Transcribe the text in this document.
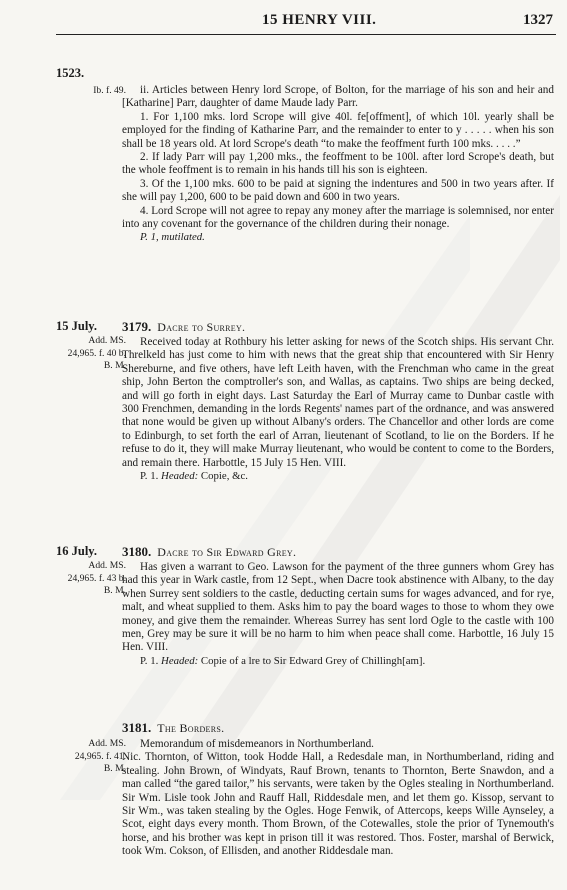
15 HENRY VIII.	1327
1523.
Ib. f. 49.	ii. Articles between Henry lord Scrope, of Bolton, for the marriage of his son and heir and [Katharine] Parr, daughter of dame Maude lady Parr.

1. For 1,100 mks. lord Scrope will give 40l. fe[offment], of which 10l. yearly shall be employed for the finding of Katharine Parr, and the remainder to enter to y . . . . . when his son shall be 18 years old. At lord Scrope's death “to make the feoffment furth 100 mks. . . . .”

2. If lady Parr will pay 1,200 mks., the feoffment to be 100l. after lord Scrope's death, but the whole feoffment is to remain in his hands till his son is eighteen.

3. Of the 1,100 mks. 600 to be paid at signing the indentures and 500 in two years after. If she will pay 1,200, 600 to be paid down and 600 in two years.

4. Lord Scrope will not agree to repay any money after the marriage is solemnised, nor enter into any covenant for the governance of the children during their nonage.

P. 1, mutilated.

15 July.
Add. MS.
24,965. f. 40 b.
B. M.
3179. Dacre to Surrey.

Received today at Rothbury his letter asking for news of the Scotch ships. His servant Chr. Threlkeld has just come to him with news that the great ship that encountered with Sir Henry Shereburne, and five others, have left Leith haven, with the Frenchman who came in the great ship, John Berton the comptroller's son, and Wallas, as captains. Two ships are being decked, and will go forth in eight days. Last Saturday the Earl of Murray came to Dunbar castle with 300 Frenchmen, demanding in the lords Regents' names part of the ordnance, and was answered that none would be given up without Albany's orders. The Chancellor and other lords are come to Edinburgh, to set forth the earl of Arran, lieutenant of Scotland, to lie on the Borders. If he refuse to do it, they will make Murray lieutenant, who would be content to come to the Borders, and remain there. Harbottle, 15 July 15 Hen. VIII.

P. 1. Headed: Copie, &c.

16 July.
Add. MS.
24,965. f. 43 b.
B. M.
3180. Dacre to Sir Edward Grey.

Has given a warrant to Geo. Lawson for the payment of the three gunners whom Grey has had this year in Wark castle, from 12 Sept., when Dacre took abstinence with Albany, to the day when Surrey sent soldiers to the castle, deducting certain sums for wages advanced, and for rye, malt, and wheat supplied to them. Asks him to pay the board wages to those to whom they owe money, and give them the remainder. Whereas Surrey has sent lord Ogle to the castle with 100 men, Grey may be sure it will be no harm to him when peace shall come. Harbottle, 16 July 15 Hen. VIII.

P. 1. Headed: Copie of a lre to Sir Edward Grey of Chillingh[am].

Add. MS.
24,965. f. 41.
B. M.
3181. The Borders.

Memorandum of misdemeanors in Northumberland.

Nic. Thornton, of Witton, took Hodde Hall, a Redesdale man, in Northumberland, riding and stealing. John Brown, of Windyats, Rauf Brown, tenants to Thornton, Berte Snawdon, and a man called “the gared tailor,” his servants, were taken by the Ogles stealing in Northumberland. Sir Wm. Lisle took John and Rauff Hall, Riddesdale men, and let them go. Kissop, servant to Sir Wm., was taken stealing by the Ogles. Hoge Fenwik, of Attercops, keeps Wille Aynseley, a Scot, eight days every month. Thom Brown, of the Cotewalles, stole the prior of Tynemouth's horse, and his brother was kept in prison till it was restored. Thos. Foster, marshal of Berwick, took Wm. Cokson, of Ellisden, and another Riddesdale man.
